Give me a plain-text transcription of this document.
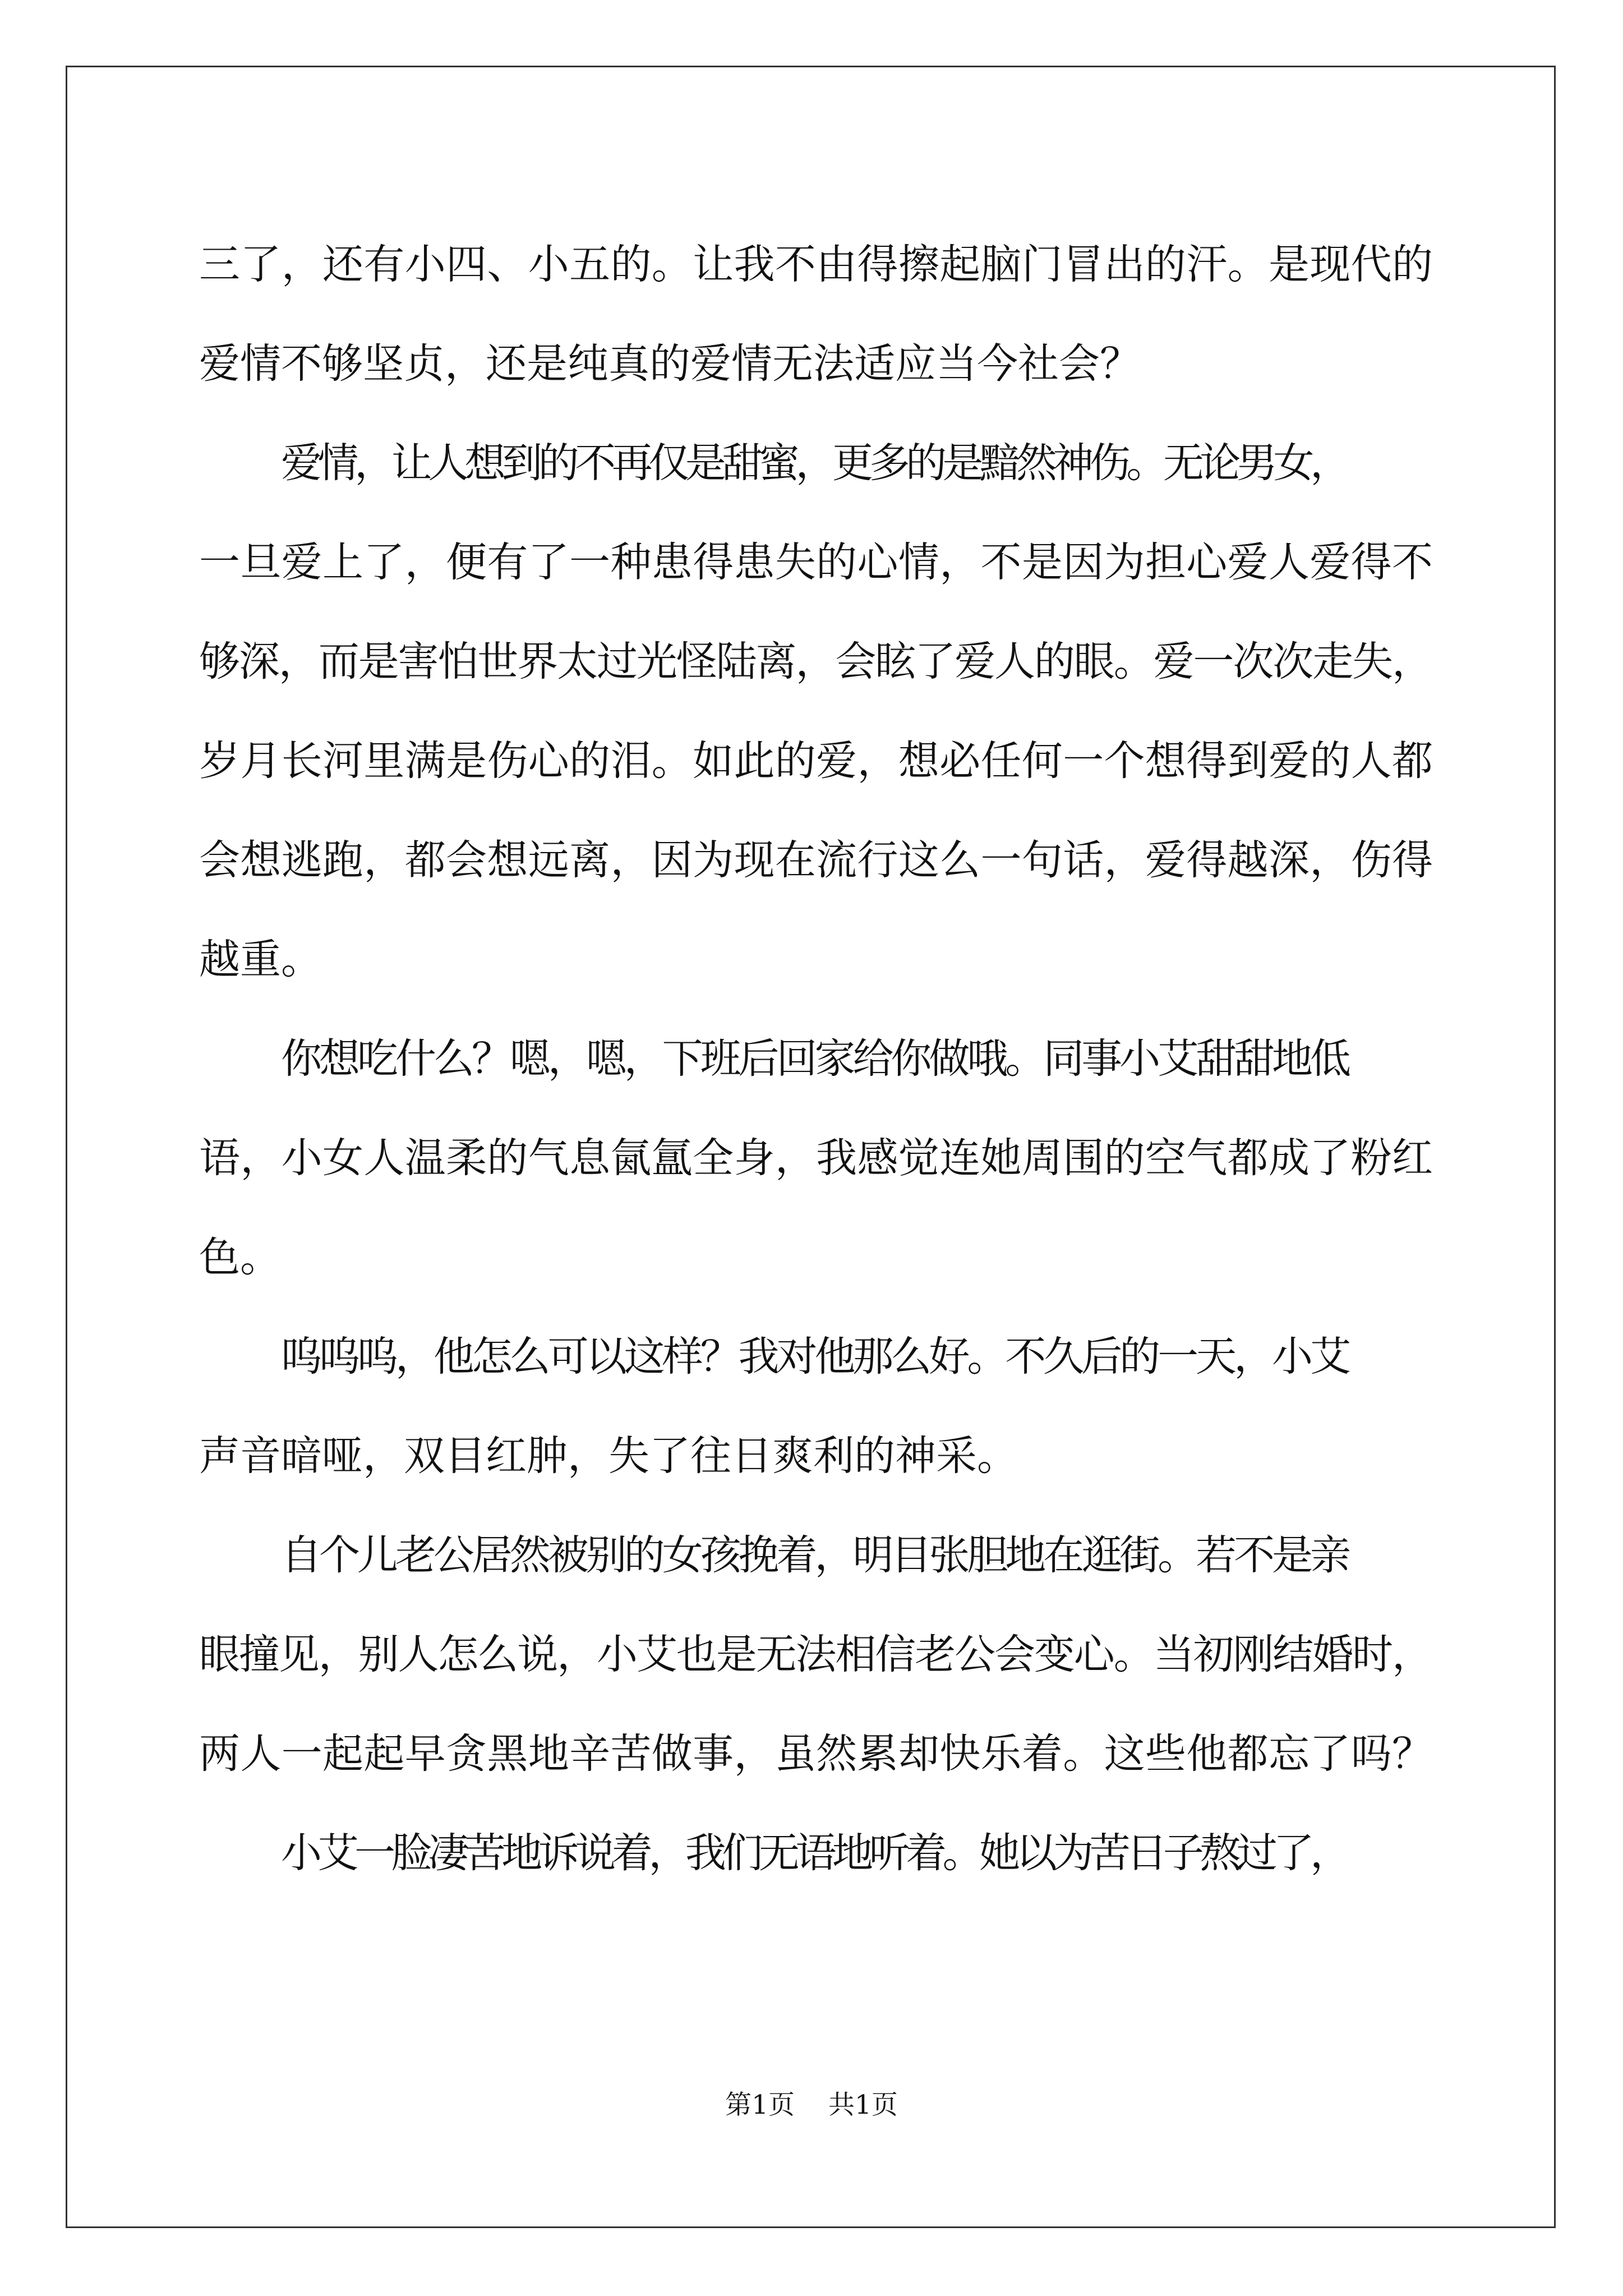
三了，还有小四、小五的。让我不由得擦起脑门冒出的汗。是现代的

爱情不够坚贞，还是纯真的爱情无法适应当今社会？

爱情，让人想到的不再仅是甜蜜，更多的是黯然神伤。无论男女，

一旦爱上了，便有了一种患得患失的心情，不是因为担心爱人爱得不

够深，而是害怕世界太过光怪陆离，会眩了爱人的眼。爱一次次走失，

岁月长河里满是伤心的泪。如此的爱，想必任何一个想得到爱的人都

会想逃跑，都会想远离，因为现在流行这么一句话，爱得越深，伤得

越重。

你想吃什么？嗯，嗯，下班后回家给你做哦。同事小艾甜甜地低

语，小女人温柔的气息氤氲全身，我感觉连她周围的空气都成了粉红

色。

呜呜呜，他怎么可以这样？我对他那么好。不久后的一天，小艾

声音暗哑，双目红肿，失了往日爽利的神采。

自个儿老公居然被别的女孩挽着，明目张胆地在逛街。若不是亲

眼撞见，别人怎么说，小艾也是无法相信老公会变心。当初刚结婚时，

两人一起起早贪黑地辛苦做事，虽然累却快乐着。这些他都忘了吗？

小艾一脸凄苦地诉说着，我们无语地听着。她以为苦日子熬过了，

第1页 共1页
